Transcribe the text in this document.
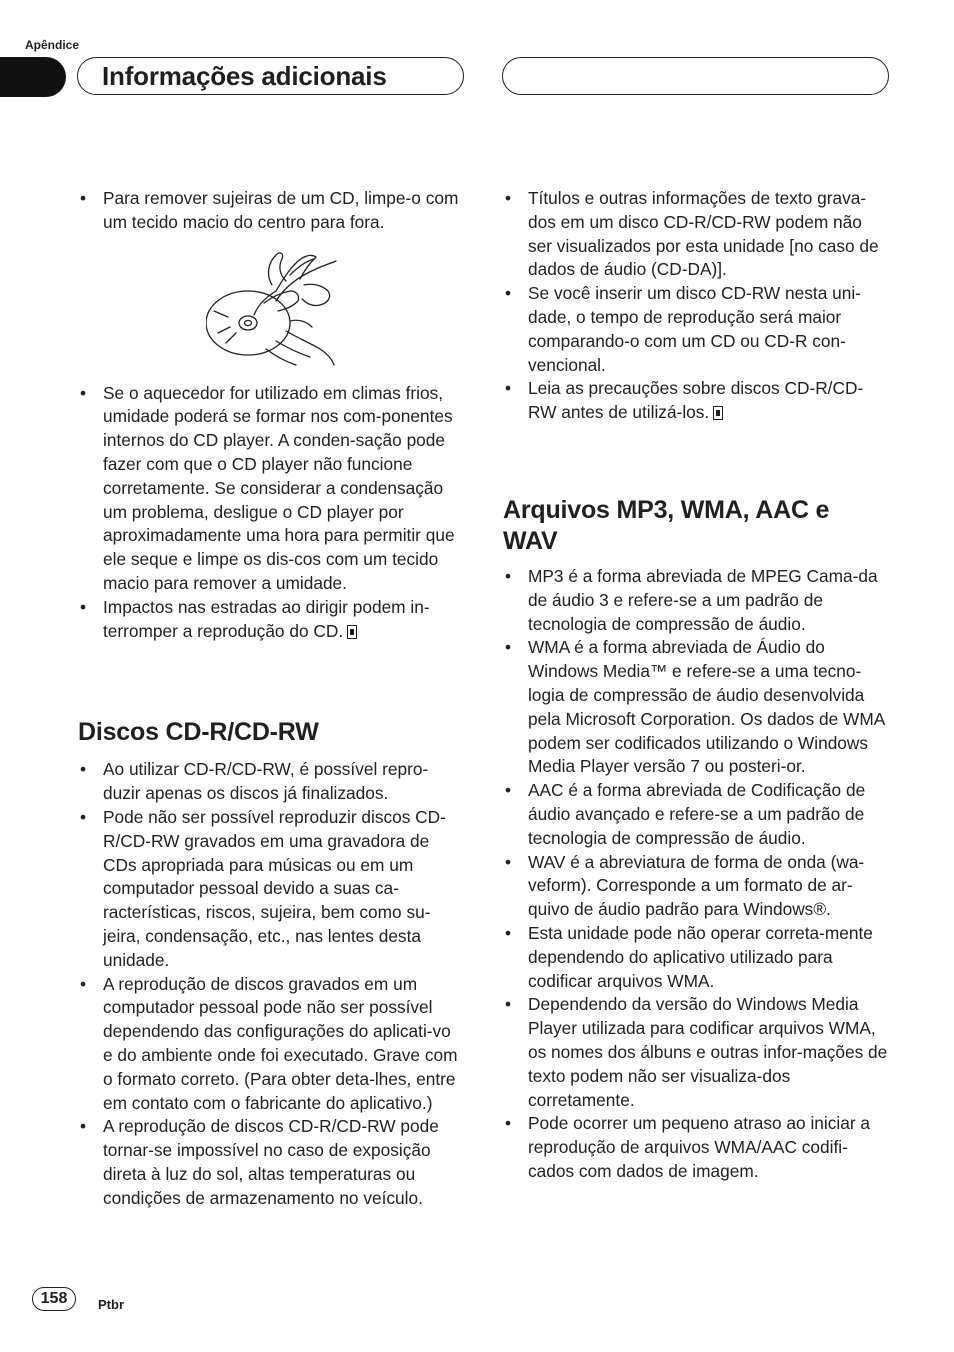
Apêndice
Informações adicionais
• Para remover sujeiras de um CD, limpe-o com um tecido macio do centro para fora.
• Se o aquecedor for utilizado em climas frios, umidade poderá se formar nos com-ponentes internos do CD player. A conden-sação pode fazer com que o CD player não funcione corretamente. Se considerar a condensação um problema, desligue o CD player por aproximadamente uma hora para permitir que ele seque e limpe os dis-cos com um tecido macio para remover a umidade.
• Impactos nas estradas ao dirigir podem in-terromper a reprodução do CD.
Discos CD-R/CD-RW
• Ao utilizar CD-R/CD-RW, é possível repro-duzir apenas os discos já finalizados.
• Pode não ser possível reproduzir discos CD-R/CD-RW gravados em uma gravadora de CDs apropriada para músicas ou em um computador pessoal devido a suas ca-racterísticas, riscos, sujeira, bem como su-jeira, condensação, etc., nas lentes desta unidade.
• A reprodução de discos gravados em um computador pessoal pode não ser possível dependendo das configurações do aplicati-vo e do ambiente onde foi executado. Grave com o formato correto. (Para obter deta-lhes, entre em contato com o fabricante do aplicativo.)
• A reprodução de discos CD-R/CD-RW pode tornar-se impossível no caso de exposição direta à luz do sol, altas temperaturas ou condições de armazenamento no veículo.
• Títulos e outras informações de texto grava-dos em um disco CD-R/CD-RW podem não ser visualizados por esta unidade [no caso de dados de áudio (CD-DA)].
• Se você inserir um disco CD-RW nesta uni-dade, o tempo de reprodução será maior comparando-o com um CD ou CD-R con-vencional.
• Leia as precauções sobre discos CD-R/CD-RW antes de utilizá-los.
Arquivos MP3, WMA, AAC e WAV
• MP3 é a forma abreviada de MPEG Cama-da de áudio 3 e refere-se a um padrão de tecnologia de compressão de áudio.
• WMA é a forma abreviada de Áudio do Windows Media™ e refere-se a uma tecno-logia de compressão de áudio desenvolvida pela Microsoft Corporation. Os dados de WMA podem ser codificados utilizando o Windows Media Player versão 7 ou posteri-or.
• AAC é a forma abreviada de Codificação de áudio avançado e refere-se a um padrão de tecnologia de compressão de áudio.
• WAV é a abreviatura de forma de onda (wa-veform). Corresponde a um formato de ar-quivo de áudio padrão para Windows®.
• Esta unidade pode não operar correta-mente dependendo do aplicativo utilizado para codificar arquivos WMA.
• Dependendo da versão do Windows Media Player utilizada para codificar arquivos WMA, os nomes dos álbuns e outras infor-mações de texto podem não ser visualiza-dos corretamente.
• Pode ocorrer um pequeno atraso ao iniciar a reprodução de arquivos WMA/AAC codifi-cados com dados de imagem.
158	Ptbr
